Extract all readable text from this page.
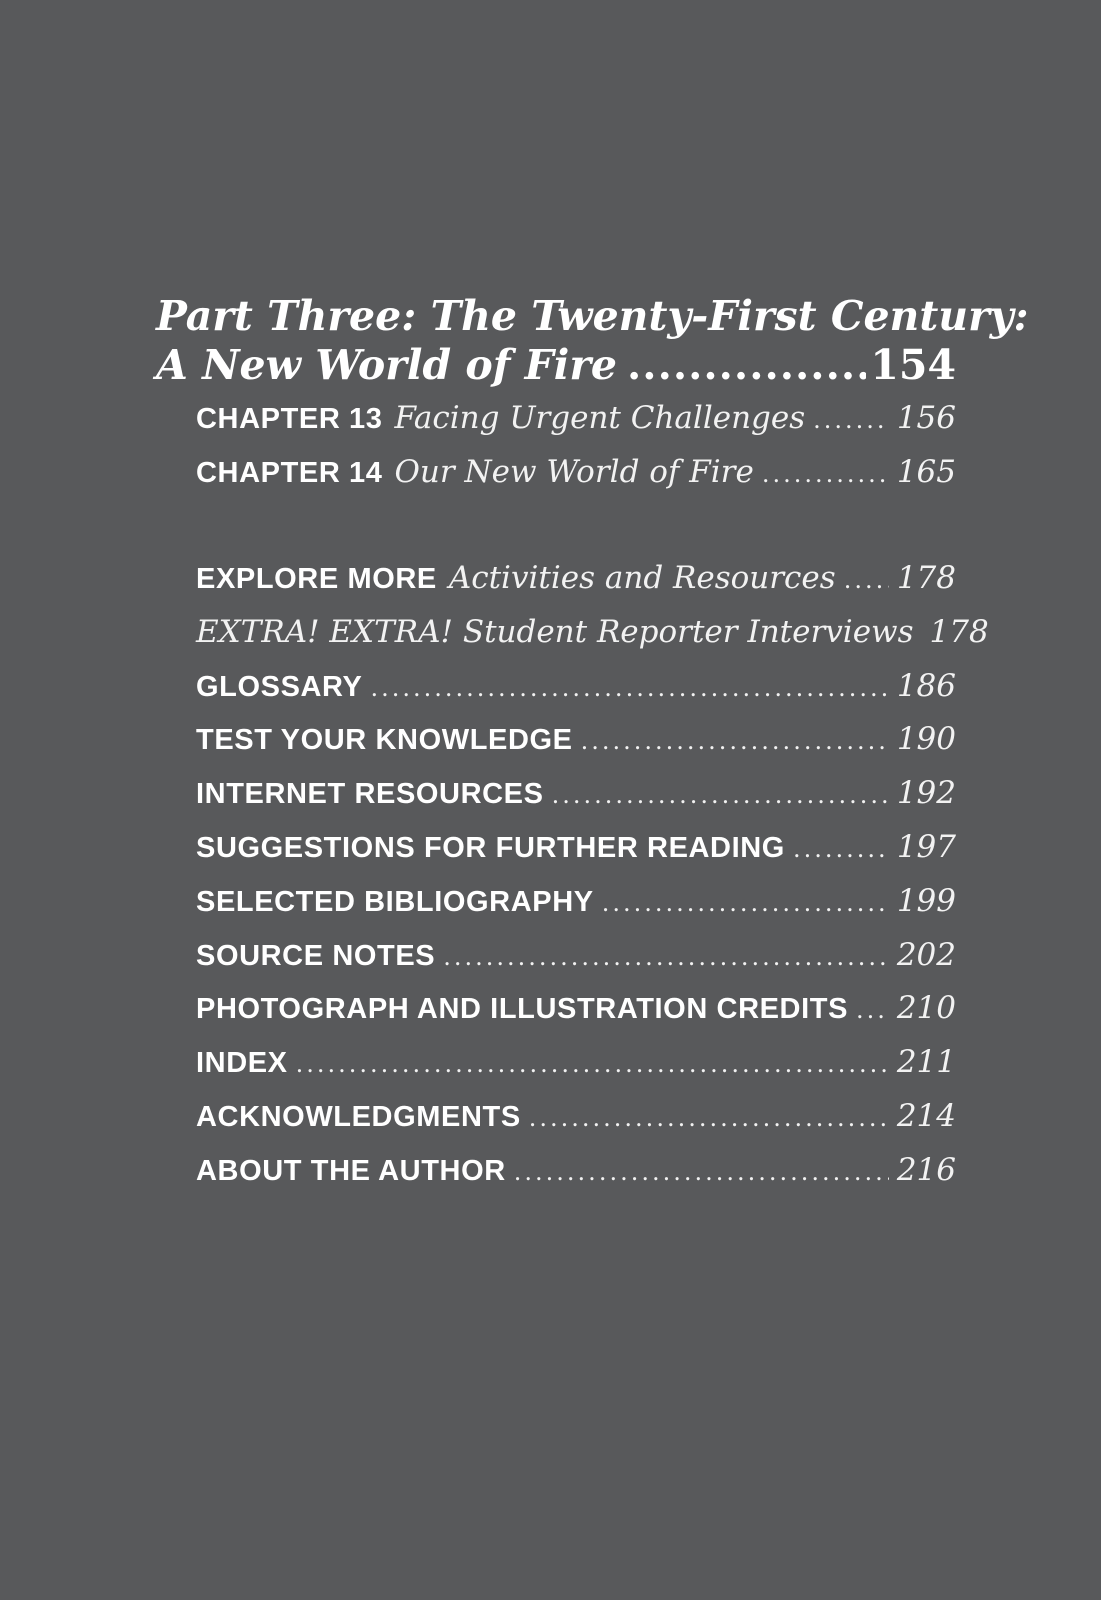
Part Three: The Twenty-First Century:
A New World of Fire .....	154
CHAPTER 13 Facing Urgent Challenges .....	156
CHAPTER 14 Our New World of Fire .....	165
EXPLORE MORE Activities and Resources ..... 178
EXTRA! EXTRA! Student Reporter Interviews 178
GLOSSARY .....	186
TEST YOUR KNOWLEDGE .....	190
INTERNET RESOURCES .....	192
SUGGESTIONS FOR FURTHER READING .....	197
SELECTED BIBLIOGRAPHY .....	199
SOURCE NOTES .....	202
PHOTOGRAPH AND ILLUSTRATION CREDITS ..... 210
INDEX .....	211
ACKNOWLEDGMENTS .....	214
ABOUT THE AUTHOR .....	216
